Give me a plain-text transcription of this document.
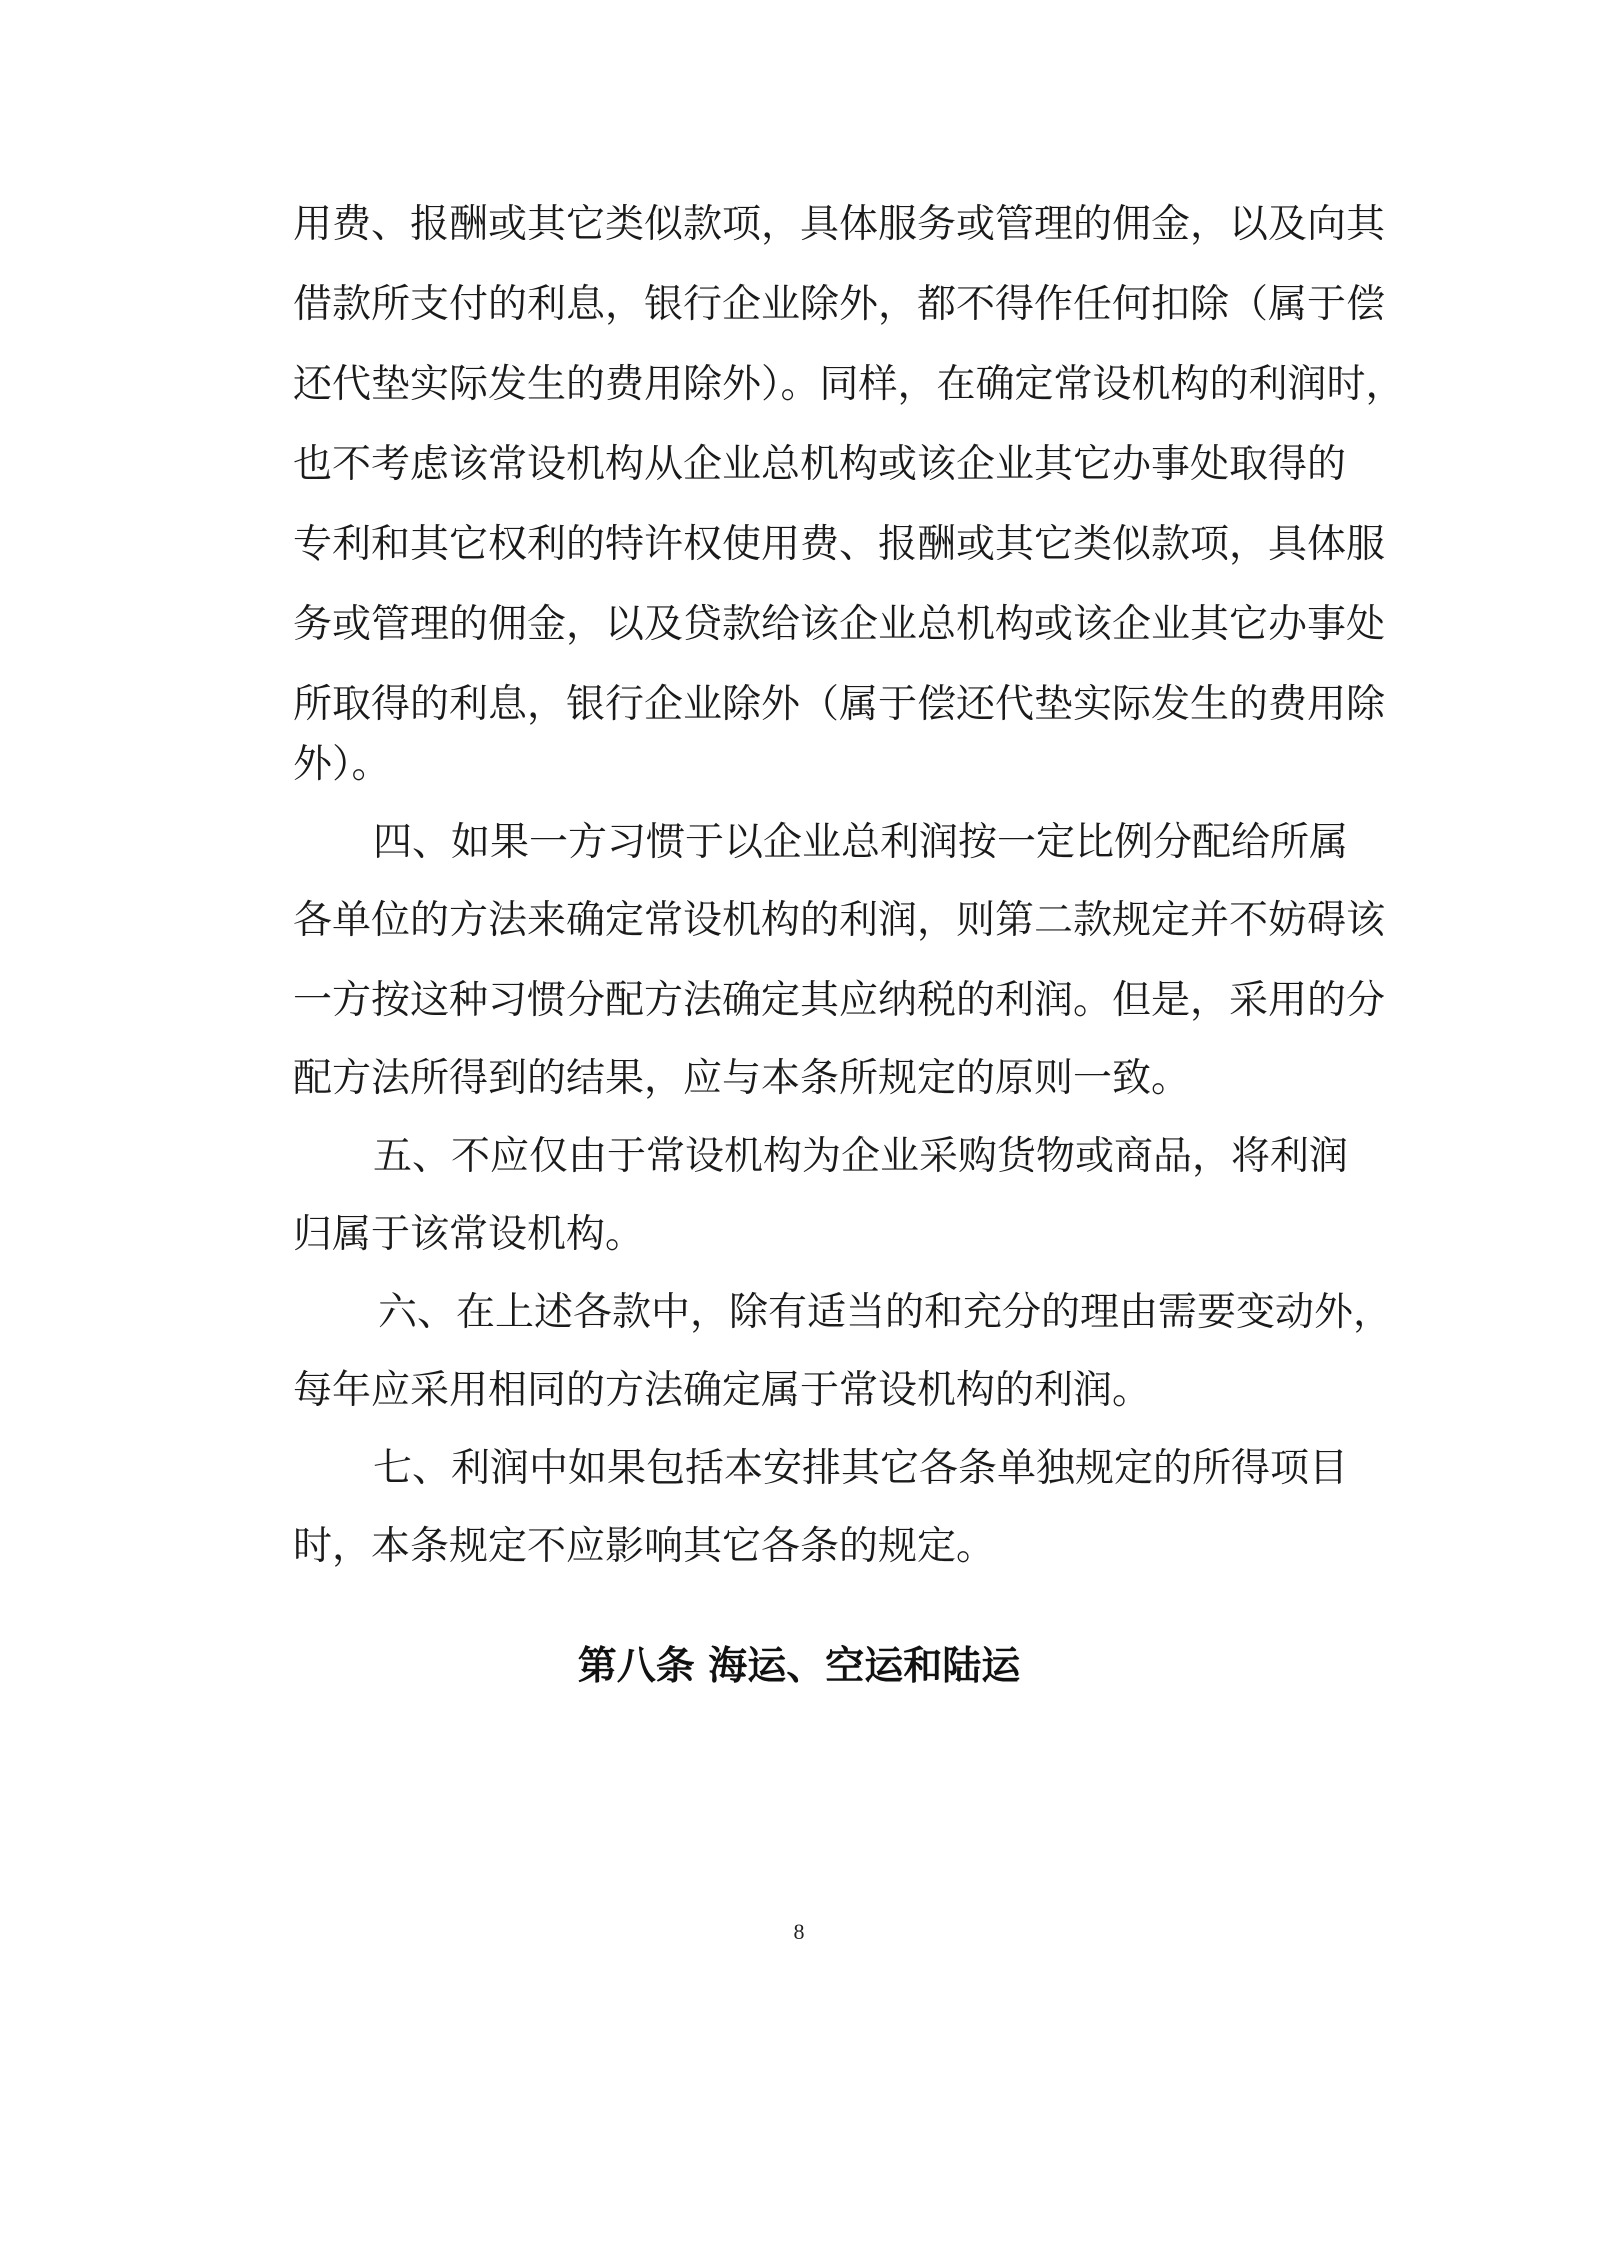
用费、报酬或其它类似款项，具体服务或管理的佣金，以及向其
借款所支付的利息，银行企业除外，都不得作任何扣除（属于偿
还代垫实际发生的费用除外）。同样，在确定常设机构的利润时，
也不考虑该常设机构从企业总机构或该企业其它办事处取得的
专利和其它权利的特许权使用费、报酬或其它类似款项，具体服
务或管理的佣金，以及贷款给该企业总机构或该企业其它办事处
所取得的利息，银行企业除外（属于偿还代垫实际发生的费用除
外）。
四、如果一方习惯于以企业总利润按一定比例分配给所属
各单位的方法来确定常设机构的利润，则第二款规定并不妨碍该
一方按这种习惯分配方法确定其应纳税的利润。但是，采用的分
配方法所得到的结果，应与本条所规定的原则一致。
五、不应仅由于常设机构为企业采购货物或商品，将利润
归属于该常设机构。
六、在上述各款中，除有适当的和充分的理由需要变动外，
每年应采用相同的方法确定属于常设机构的利润。
七、利润中如果包括本安排其它各条单独规定的所得项目
时，本条规定不应影响其它各条的规定。
第八条 海运、空运和陆运
8
